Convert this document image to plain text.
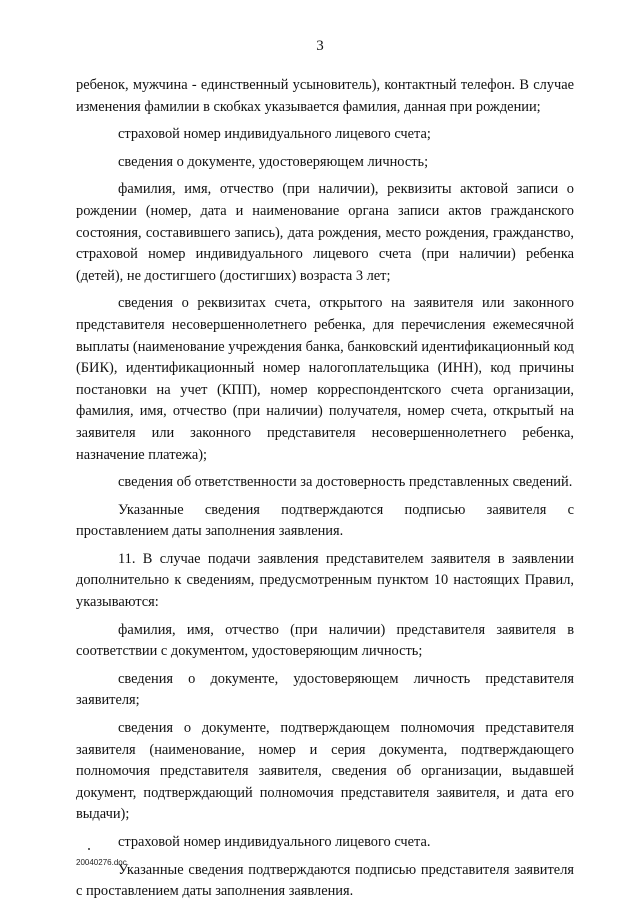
3

ребенок, мужчина - единственный усыновитель), контактный телефон. В случае изменения фамилии в скобках указывается фамилия, данная при рождении;

страховой номер индивидуального лицевого счета;

сведения о документе, удостоверяющем личность;

фамилия, имя, отчество (при наличии), реквизиты актовой записи о рождении (номер, дата и наименование органа записи актов гражданского состояния, составившего запись), дата рождения, место рождения, гражданство, страховой номер индивидуального лицевого счета (при наличии) ребенка (детей), не достигшего (достигших) возраста 3 лет;

сведения о реквизитах счета, открытого на заявителя или законного представителя несовершеннолетнего ребенка, для перечисления ежемесячной выплаты (наименование учреждения банка, банковский идентификационный код (БИК), идентификационный номер налогоплательщика (ИНН), код причины постановки на учет (КПП), номер корреспондентского счета организации, фамилия, имя, отчество (при наличии) получателя, номер счета, открытый на заявителя или законного представителя несовершеннолетнего ребенка, назначение платежа);

сведения об ответственности за достоверность представленных сведений.

Указанные сведения подтверждаются подписью заявителя с проставлением даты заполнения заявления.

11. В случае подачи заявления представителем заявителя в заявлении дополнительно к сведениям, предусмотренным пунктом 10 настоящих Правил, указываются:

фамилия, имя, отчество (при наличии) представителя заявителя в соответствии с документом, удостоверяющим личность;

сведения о документе, удостоверяющем личность представителя заявителя;

сведения о документе, подтверждающем полномочия представителя заявителя (наименование, номер и серия документа, подтверждающего полномочия представителя заявителя, сведения об организации, выдавшей документ, подтверждающий полномочия представителя заявителя, и дата его выдачи);

страховой номер индивидуального лицевого счета.

Указанные сведения подтверждаются подписью представителя заявителя с проставлением даты заполнения заявления.

20040276.doc
